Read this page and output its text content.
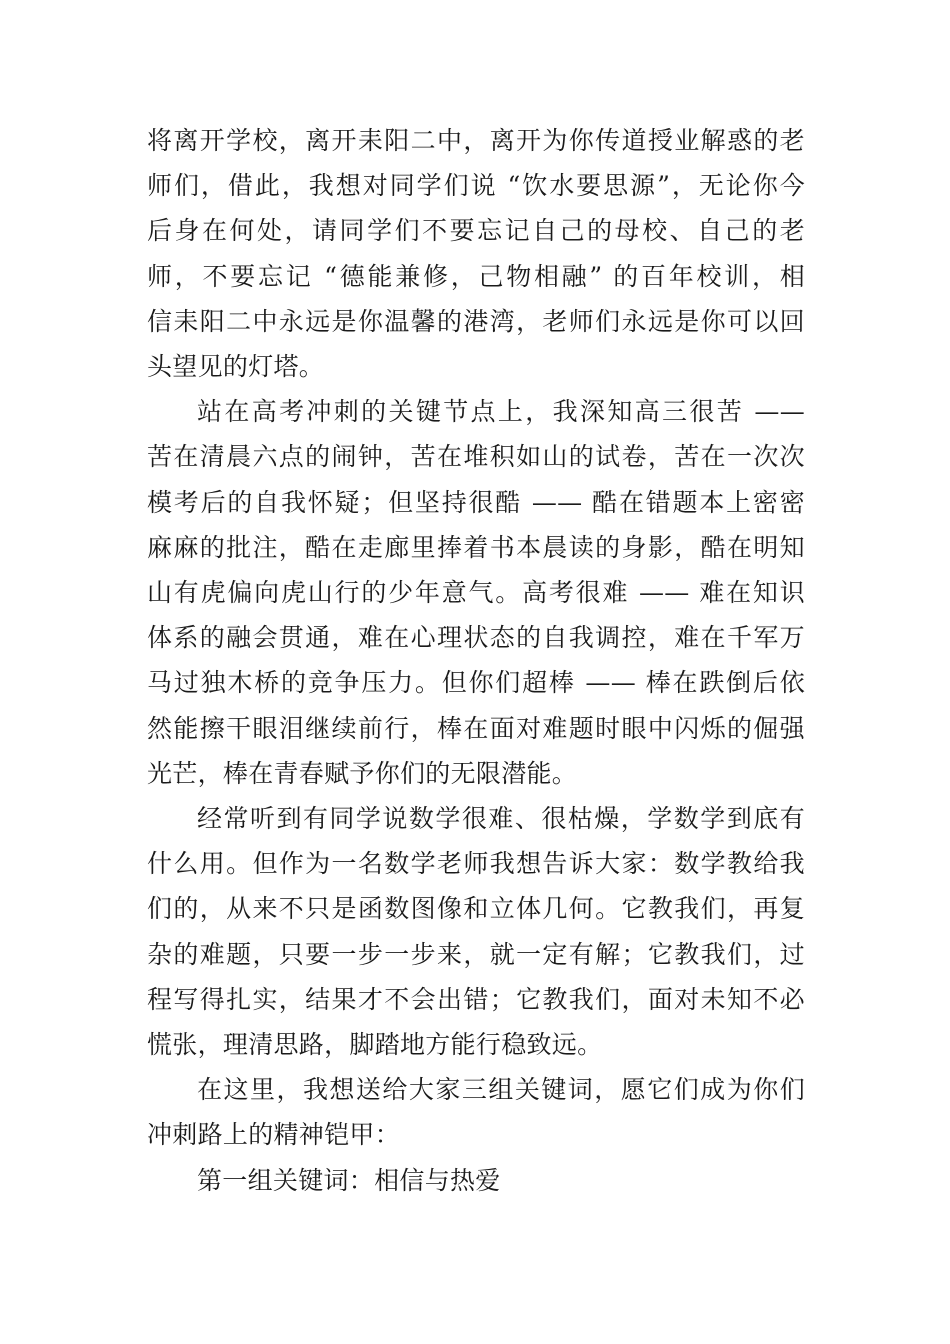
将离开学校，离开耒阳二中，离开为你传道授业解惑的老
师们，借此，我想对同学们说 “饮水要思源”，无论你今
后身在何处，请同学们不要忘记自己的母校、自己的老
师，不要忘记 “德能兼修，己物相融” 的百年校训，相
信耒阳二中永远是你温馨的港湾，老师们永远是你可以回
头望见的灯塔。
站在高考冲刺的关键节点上，我深知高三很苦 ——
苦在清晨六点的闹钟，苦在堆积如山的试卷，苦在一次次
模考后的自我怀疑；但坚持很酷 —— 酷在错题本上密密
麻麻的批注，酷在走廊里捧着书本晨读的身影，酷在明知
山有虎偏向虎山行的少年意气。高考很难 —— 难在知识
体系的融会贯通，难在心理状态的自我调控，难在千军万
马过独木桥的竞争压力。但你们超棒 —— 棒在跌倒后依
然能擦干眼泪继续前行，棒在面对难题时眼中闪烁的倔强
光芒，棒在青春赋予你们的无限潜能。
经常听到有同学说数学很难、很枯燥，学数学到底有
什么用。但作为一名数学老师我想告诉大家：数学教给我
们的，从来不只是函数图像和立体几何。它教我们，再复
杂的难题，只要一步一步来，就一定有解；它教我们，过
程写得扎实，结果才不会出错；它教我们，面对未知不必
慌张，理清思路，脚踏地方能行稳致远。
在这里，我想送给大家三组关键词，愿它们成为你们
冲刺路上的精神铠甲：
第一组关键词：相信与热爱
